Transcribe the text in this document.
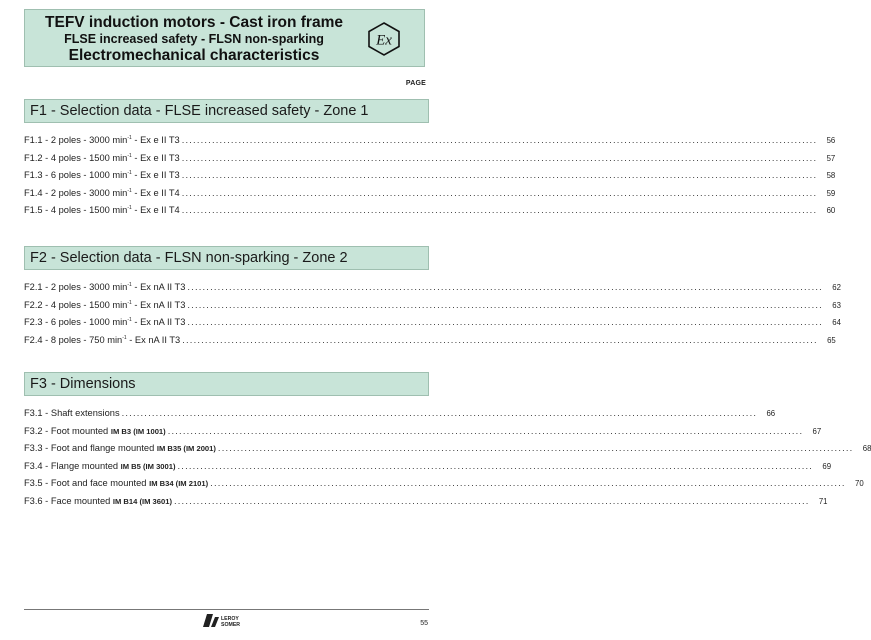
TEFV induction motors - Cast iron frame
FLSE increased safety - FLSN non-sparking
Electromechanical characteristics
Ex
PAGE
F1 - Selection data - FLSE increased safety - Zone 1
F1.1 - 2 poles - 3000 $\min^{-1}$ - Ex e II T3 .....	56
F1.2 - 4 poles - 1500 $\min^{-1}$ - Ex e II T3 .....	57
F1.3 - 6 poles - 1000 $\min^{-1}$ - Ex e II T3 .....	58
F1.4 - 2 poles - 3000 $\min^{-1}$ - Ex e II T4 .....	59
F1.5 - 4 poles - 1500 $\min^{-1}$ - Ex e II T4 .....	60
F2 - Selection data - FLSN non-sparking - Zone 2
F2.1 - 2 poles - 3000 $\min^{-1}$ - Ex nA II T3 .....	62
F2.2 - 4 poles - 1500 $\min^{-1}$ - Ex nA II T3 .....	63
F2.3 - 6 poles - 1000 $\min^{-1}$ - Ex nA II T3 .....	64
F2.4 - 8 poles - 750 $\min^{-1}$ - Ex nA II T3 .....	65
F3 - Dimensions
F3.1 - Shaft extensions .....	66
F3.2 - Foot mounted IM B3 (IM 1001) .....	67
F3.3 - Foot and flange mounted IM B35 (IM 2001) .....	68
F3.4 - Flange mounted IM B5 (IM 3001) .....	69
F3.5 - Foot and face mounted IM B34 (IM 2101) .....	70
F3.6 - Face mounted IM B14 (IM 3601) .....	71
LEROY
SOMER	55
